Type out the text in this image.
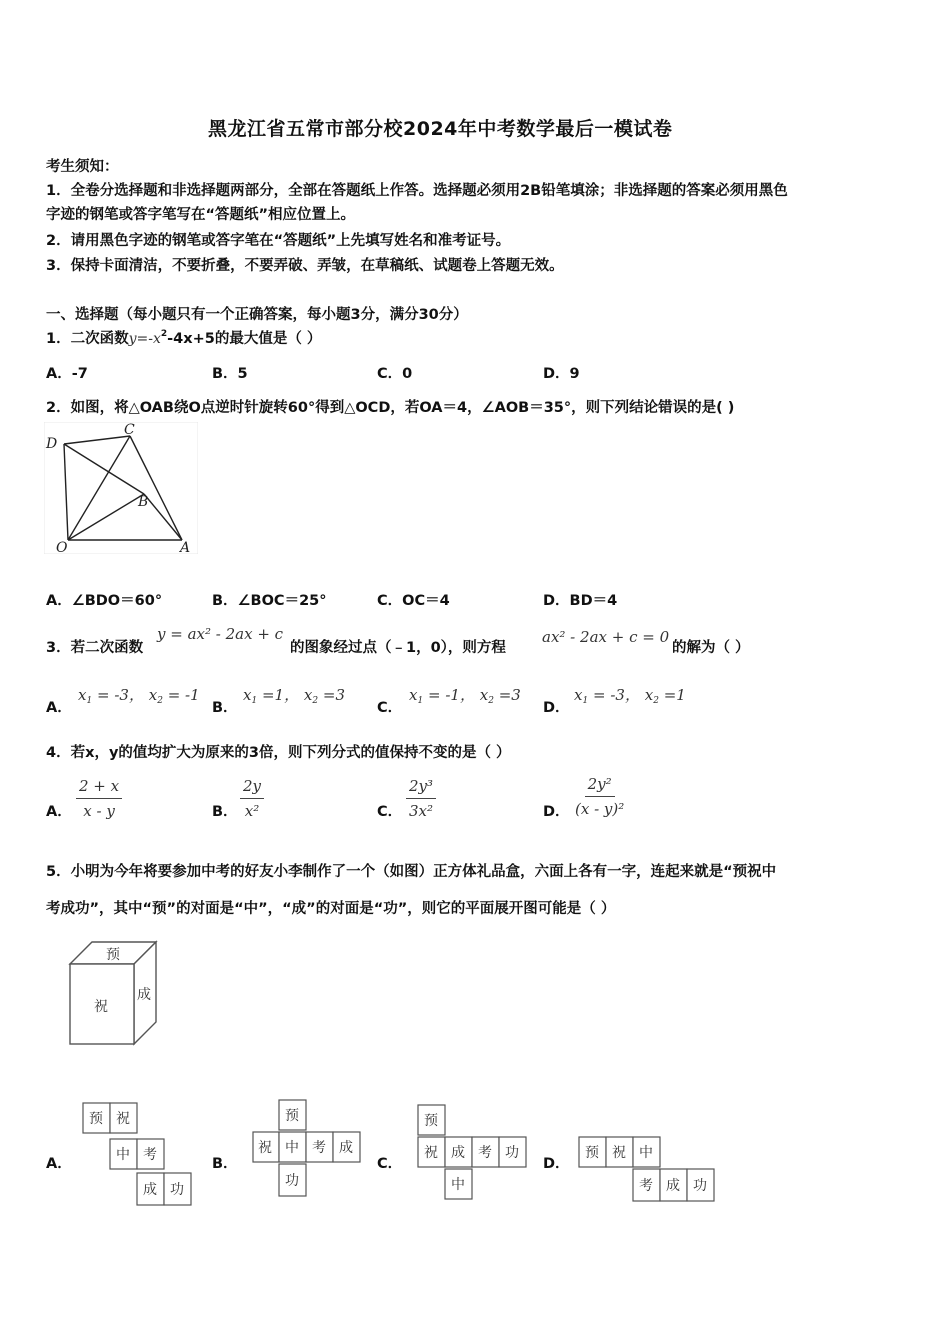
黑龙江省五常市部分校2024年中考数学最后一模试卷
考生须知：
1．全卷分选择题和非选择题两部分，全部在答题纸上作答。选择题必须用2B铅笔填涂；非选择题的答案必须用黑色
字迹的钢笔或答字笔写在“答题纸”相应位置上。
2．请用黑色字迹的钢笔或答字笔在“答题纸”上先填写姓名和准考证号。
3．保持卡面清洁，不要折叠，不要弄破、弄皱，在草稿纸、试题卷上答题无效。
一、选择题（每小题只有一个正确答案，每小题3分，满分30分）
1．二次函数$y=-x^2-4x+5$的最大值是（ ）
A．-7	B．5	C．0	D．9
2．如图，将△OAB绕O点逆时针旋转60°得到△OCD，若OA＝4，∠AOB＝35°，则下列结论错误的是( )
D
C
B
O	A
A．∠BDO＝60°	B．∠BOC＝25°	C．OC＝4	D．BD＝4
3．若二次函数
y = ax² - 2ax + c
的图象经过点（﹣1，0），则方程
ax² - 2ax + c = 0
的解为（ ）
A．
$x_1 = -3$， $x_2 = -1$
B．
$x_1 =1$， $x_2 =3$
C．
$x_1 = -1$， $x_2 =3$
D．
$x_1 = -3$， $x_2 =1$
4．若x，y的值均扩大为原来的3倍，则下列分式的值保持不变的是（ ）
A． $\frac{2 + x}{x - y}$	B． $\frac{2y}{\text{x²}}$	C． $\frac{\text{2y³}}{\text{3x²}}$	D． $\frac{\text{2y²}}{\text{(x - y)²}}$
5．小明为今年将要参加中考的好友小李制作了一个（如图）正方体礼品盒，六面上各有一字，连起来就是“预祝中
考成功”，其中“预”的对面是“中”，“成”的对面是“功”，则它的平面展开图可能是（ ）
预
祝
成
A．	B．	C．	D．
预 祝
中 考
成 功
预
祝 中 考 成
功
预
祝 成 考 功
中
预 祝 中
考 成 功
